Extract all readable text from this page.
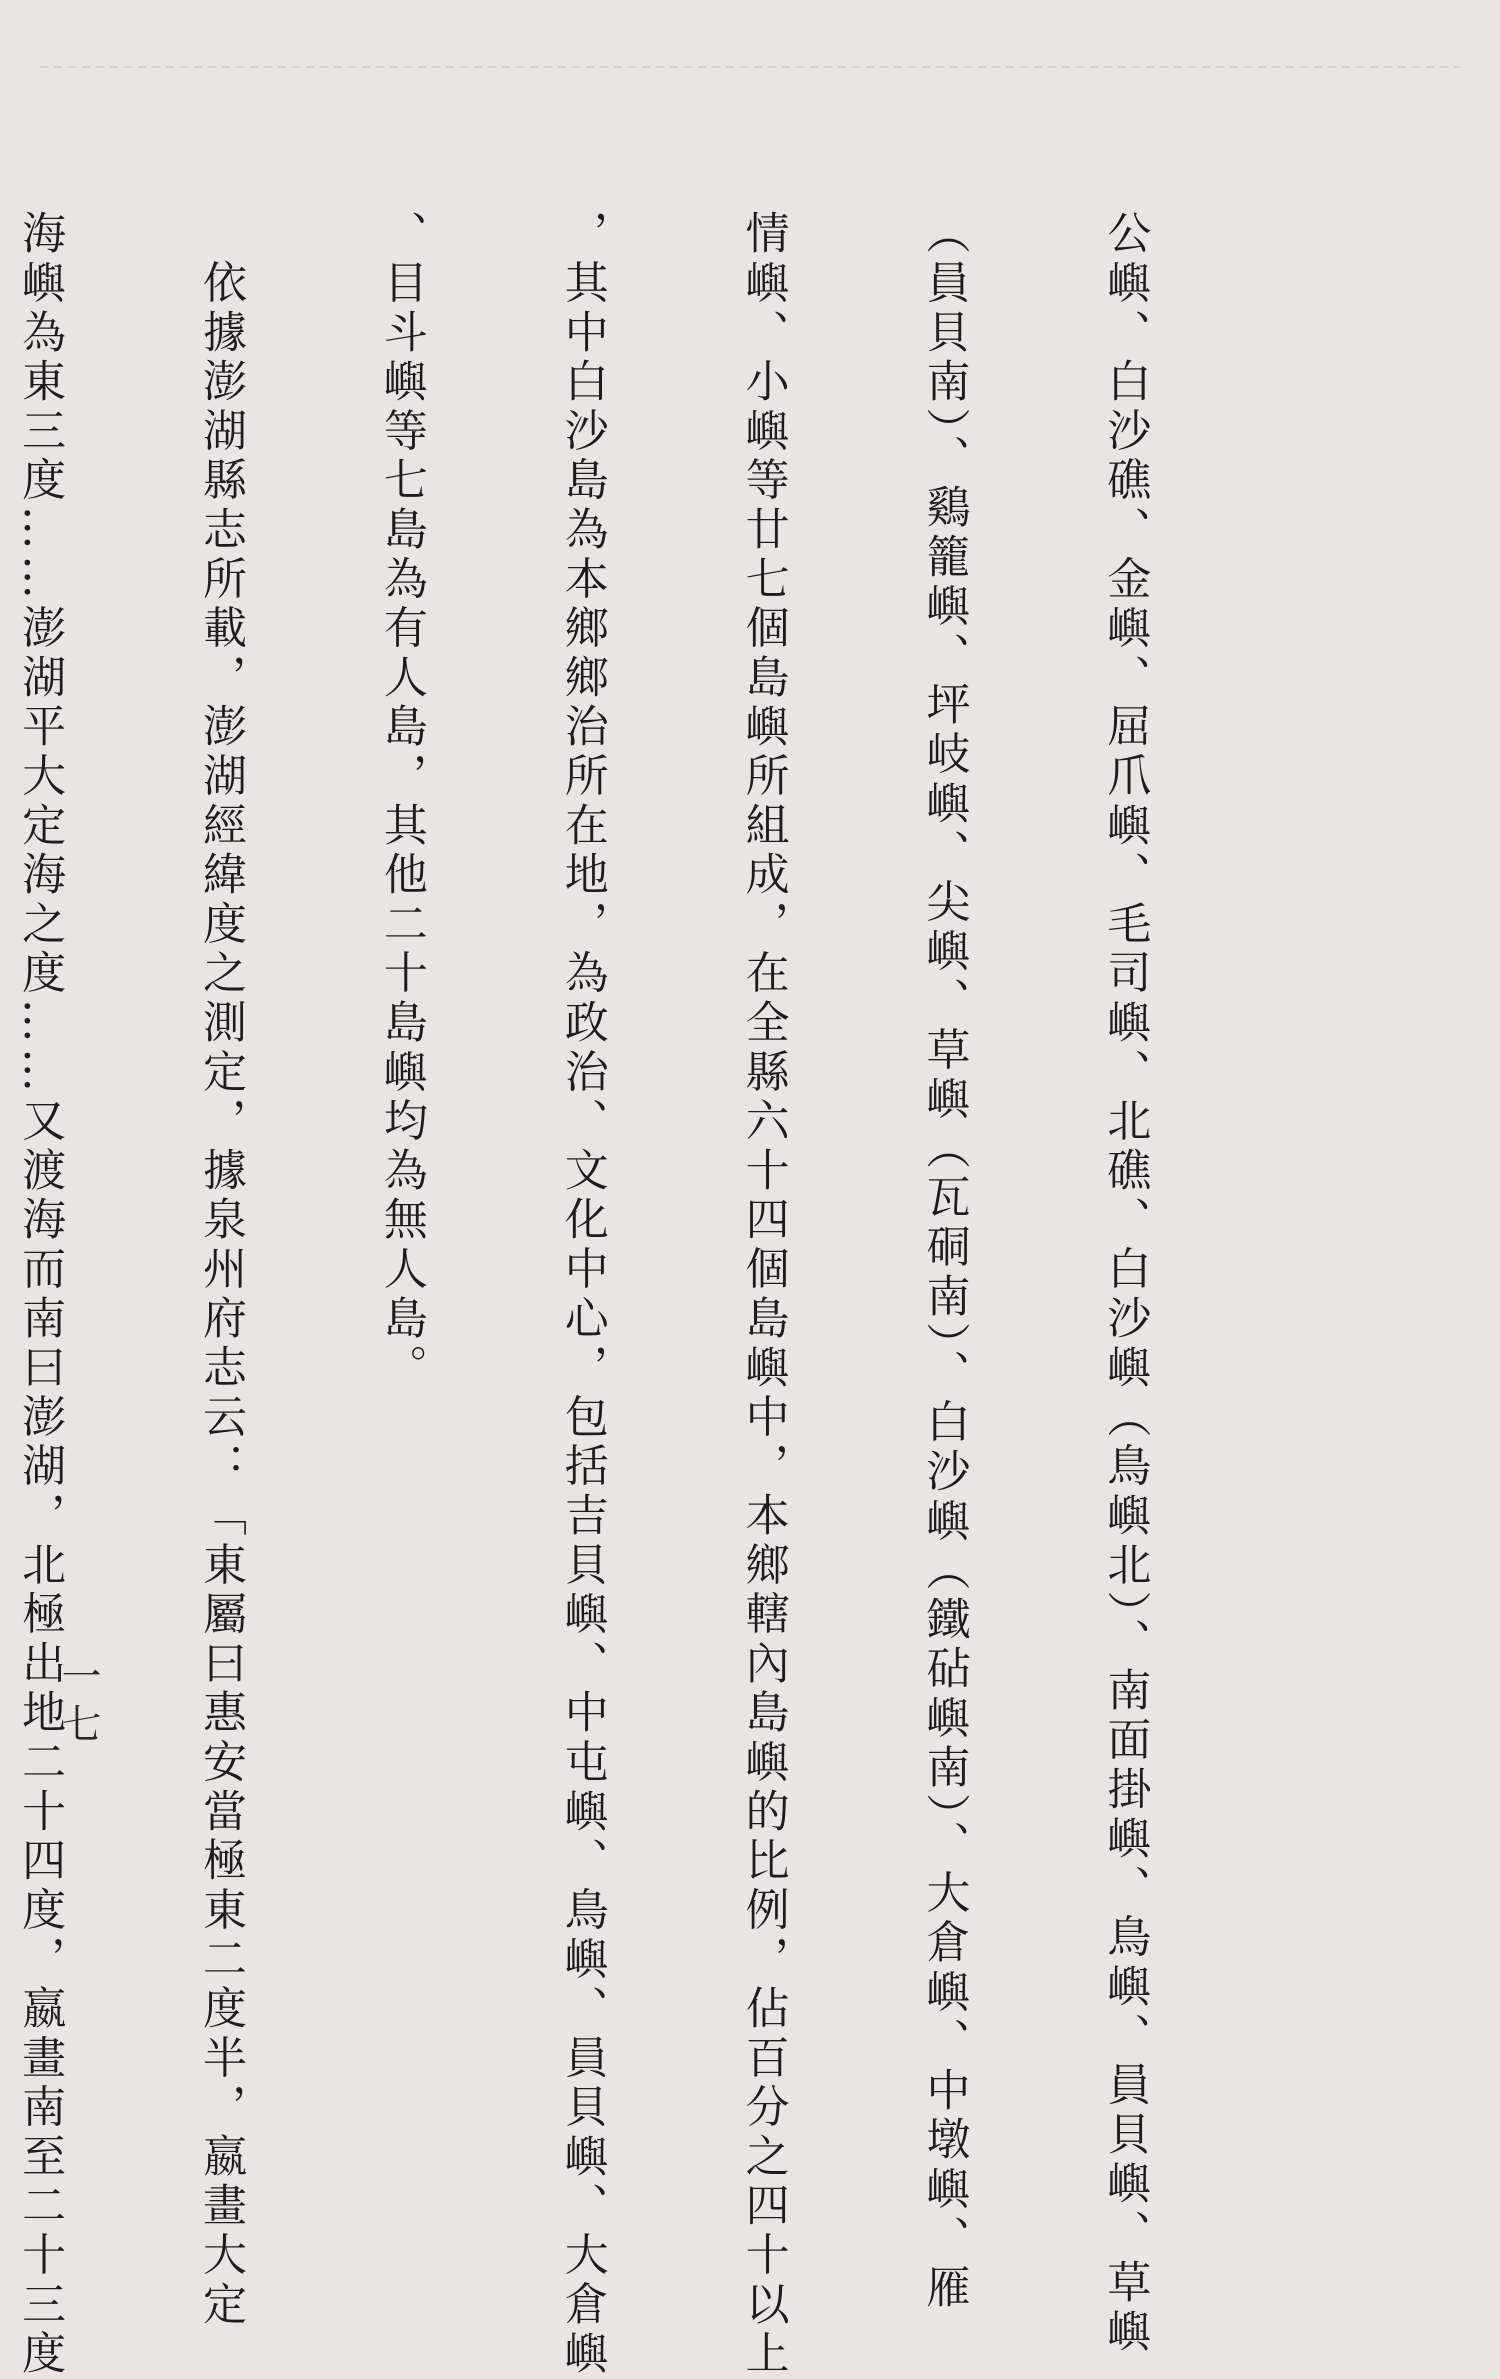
公嶼、白沙礁、金嶼、屈爪嶼、毛司嶼、北礁、白沙嶼（鳥嶼北）、南面掛嶼、鳥嶼、員貝嶼、草嶼

（員貝南）、鷄籠嶼、坪岐嶼、尖嶼、草嶼（瓦硐南）、白沙嶼（鐵砧嶼南）、大倉嶼、中墩嶼、雁

情嶼、小嶼等廿七個島嶼所組成，在全縣六十四個島嶼中，本鄉轄內島嶼的比例，佔百分之四十以上

，其中白沙島為本鄉鄉治所在地，為政治、文化中心，包括吉貝嶼、中屯嶼、鳥嶼、員貝嶼、大倉嶼

、目斗嶼等七島為有人島，其他二十島嶼均為無人島。

　依據澎湖縣志所載，澎湖經緯度之測定，據泉州府志云：「東屬曰惠安當極東二度半，嬴畫大定

海嶼為東三度……澎湖平大定海之度……又渡海而南曰澎湖，北極出地二十四度，嬴畫南至二十三度

一七
